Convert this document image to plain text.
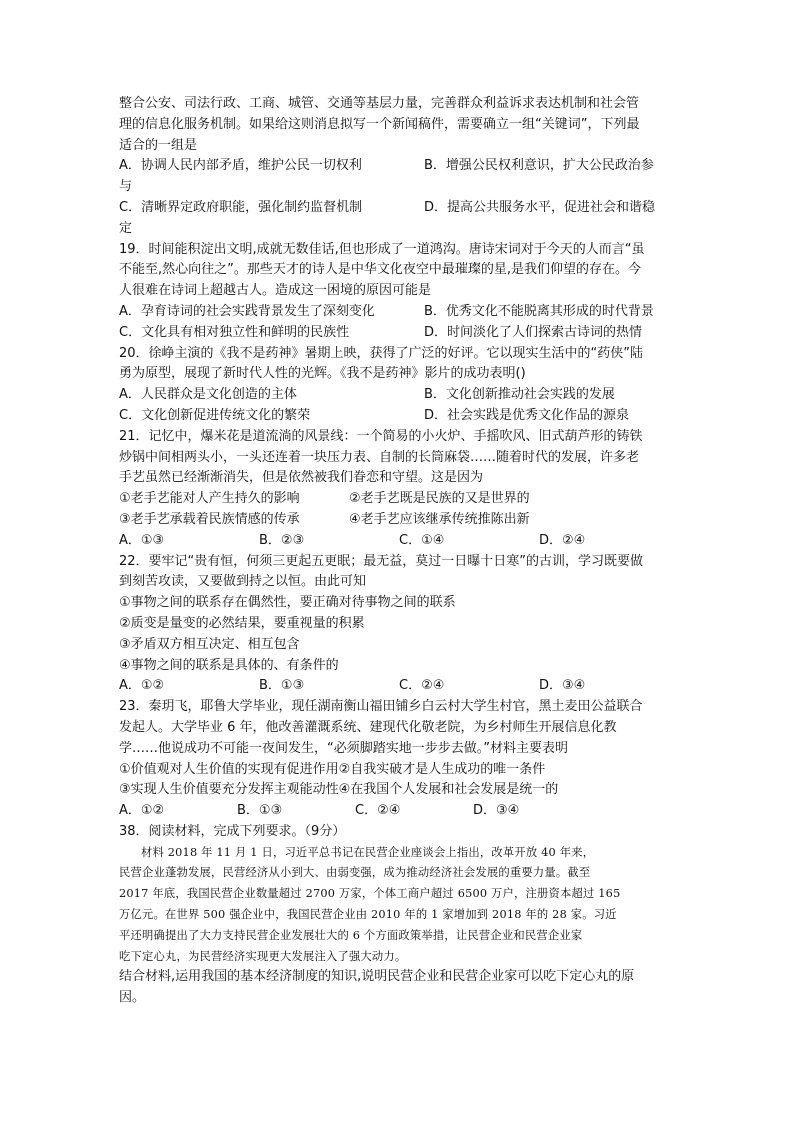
整合公安、司法行政、工商、城管、交通等基层力量，完善群众利益诉求表达机制和社会管
理的信息化服务机制。如果给这则消息拟写一个新闻稿件，需要确立一组“关键词”，下列最
适合的一组是
A．协调人民内部矛盾，维护公民一切权利	B．增强公民权利意识，扩大公民政治参
与
C．清晰界定政府职能，强化制约监督机制	D．提高公共服务水平，促进社会和谐稳
定
19．时间能积淀出文明,成就无数佳话,但也形成了一道鸿沟。唐诗宋词对于今天的人而言“虽
不能至,然心向往之”。那些天才的诗人是中华文化夜空中最璀璨的星,是我们仰望的存在。今
人很难在诗词上超越古人。造成这一困境的原因可能是
A．孕育诗词的社会实践背景发生了深刻变化	B．优秀文化不能脱离其形成的时代背景
C．文化具有相对独立性和鲜明的民族性	D．时间淡化了人们探索古诗词的热情
20．徐峥主演的《我不是药神》暑期上映，获得了广泛的好评。它以现实生活中的“药侠”陆
勇为原型，展现了新时代人性的光辉。《我不是药神》影片的成功表明()
A．人民群众是文化创造的主体	B．文化创新推动社会实践的发展
C．文化创新促进传统文化的繁荣	D．社会实践是优秀文化作品的源泉
21．记忆中，爆米花是道流淌的风景线：一个简易的小火炉、手摇吹风、旧式葫芦形的铸铁
炒锅中间相两头小，一头还连着一块压力表、自制的长筒麻袋……随着时代的发展，许多老
手艺虽然已经渐渐消失，但是依然被我们眷恋和守望。这是因为
①老手艺能对人产生持久的影响	②老手艺既是民族的又是世界的
③老手艺承载着民族情感的传承	④老手艺应该继承传统推陈出新
A．①③	B．②③	C．①④	D．②④
22．要牢记“贵有恒，何须三更起五更眠；最无益，莫过一日曝十日寒”的古训，学习既要做
到刻苦攻读，又要做到持之以恒。由此可知
①事物之间的联系存在偶然性，要正确对待事物之间的联系
②质变是量变的必然结果，要重视量的积累
③矛盾双方相互决定、相互包含
④事物之间的联系是具体的、有条件的
A．①②	B．①③	C．②④	D．③④
23．秦玥飞，耶鲁大学毕业，现任湖南衡山福田铺乡白云村大学生村官，黑土麦田公益联合
发起人。大学毕业 6 年，他改善灌溉系统、建现代化敬老院，为乡村师生开展信息化教
学……他说成功不可能一夜间发生，“必须脚踏实地一步步去做。”材料主要表明
①价值观对人生价值的实现有促进作用②自我实破才是人生成功的唯一条件
③实现人生价值要充分发挥主观能动性④在我国个人发展和社会发展是统一的
A．①②	B．①③	C．②④	D．③④
38．阅读材料，完成下列要求。（9分）
材料 2018 年 11 月 1 日，习近平总书记在民营企业座谈会上指出，改革开放 40 年来，
民营企业蓬勃发展，民营经济从小到大、由弱变强，成为推动经济社会发展的重要力量。截至
2017 年底，我国民营企业数量超过 2700 万家，个体工商户超过 6500 万户，注册资本超过 165
万亿元。在世界 500 强企业中，我国民营企业由 2010 年的 1 家增加到 2018 年的 28 家。习近
平还明确提出了大力支持民营企业发展壮大的 6 个方面政策举措，让民营企业和民营企业家
吃下定心丸，为民营经济实现更大发展注入了强大动力。
结合材料,运用我国的基本经济制度的知识,说明民营企业和民营企业家可以吃下定心丸的原
因。
